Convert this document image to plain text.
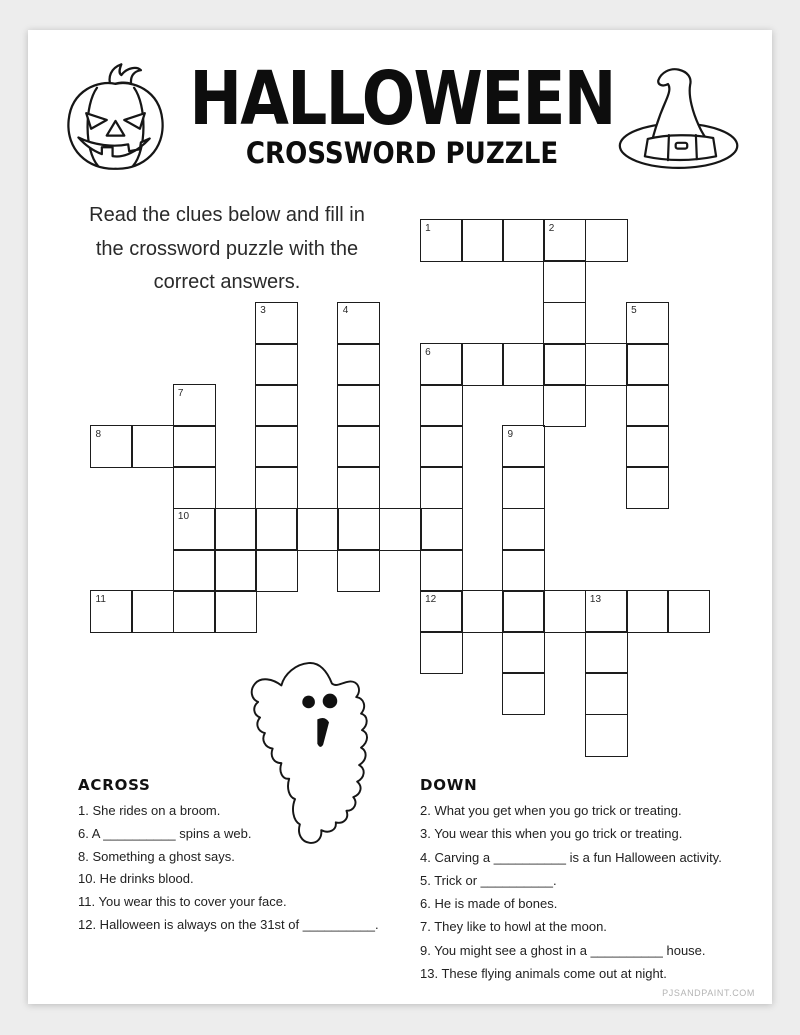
HALLOWEEN
CROSSWORD PUZZLE
Read the clues below and fill in
the crossword puzzle with the
correct answers.
1	2
3	4	5
6
7
8	9
10
11	12	13
ACROSS
1. She rides on a broom.
6. A __________ spins a web.
8. Something a ghost says.
10. He drinks blood.
11. You wear this to cover your face.
12. Halloween is always on the 31st of __________.
DOWN
2. What you get when you go trick or treating.
3. You wear this when you go trick or treating.
4. Carving a __________ is a fun Halloween activity.
5. Trick or __________.
6. He is made of bones.
7. They like to howl at the moon.
9. You might see a ghost in a __________ house.
13. These flying animals come out at night.
PJSANDPAINT.COM
